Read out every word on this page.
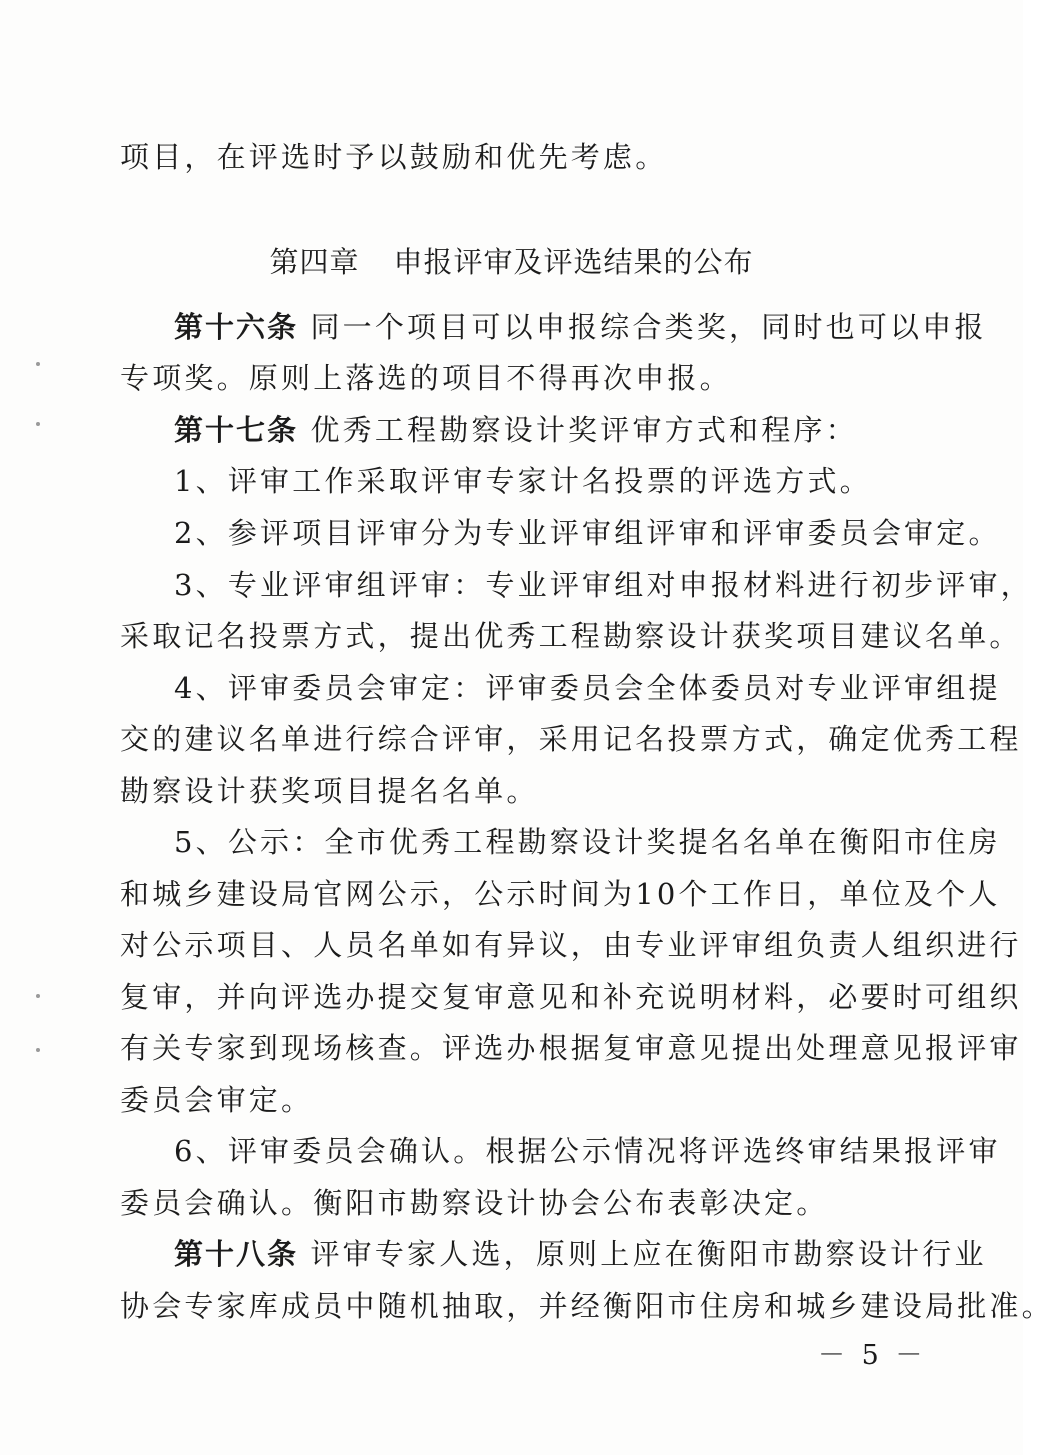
项目，在评选时予以鼓励和优先考虑。
第四章 申报评审及评选结果的公布
第十六条 同一个项目可以申报综合类奖，同时也可以申报
专项奖。原则上落选的项目不得再次申报。
第十七条 优秀工程勘察设计奖评审方式和程序：
1、评审工作采取评审专家计名投票的评选方式。
2、参评项目评审分为专业评审组评审和评审委员会审定。
3、专业评审组评审：专业评审组对申报材料进行初步评审，
采取记名投票方式，提出优秀工程勘察设计获奖项目建议名单。
4、评审委员会审定：评审委员会全体委员对专业评审组提
交的建议名单进行综合评审，采用记名投票方式，确定优秀工程
勘察设计获奖项目提名名单。
5、公示：全市优秀工程勘察设计奖提名名单在衡阳市住房
和城乡建设局官网公示，公示时间为10个工作日，单位及个人
对公示项目、人员名单如有异议，由专业评审组负责人组织进行
复审，并向评选办提交复审意见和补充说明材料，必要时可组织
有关专家到现场核查。评选办根据复审意见提出处理意见报评审
委员会审定。
6、评审委员会确认。根据公示情况将评选终审结果报评审
委员会确认。衡阳市勘察设计协会公布表彰决定。
第十八条 评审专家人选，原则上应在衡阳市勘察设计行业
协会专家库成员中随机抽取，并经衡阳市住房和城乡建设局批准。
－ 5 －
